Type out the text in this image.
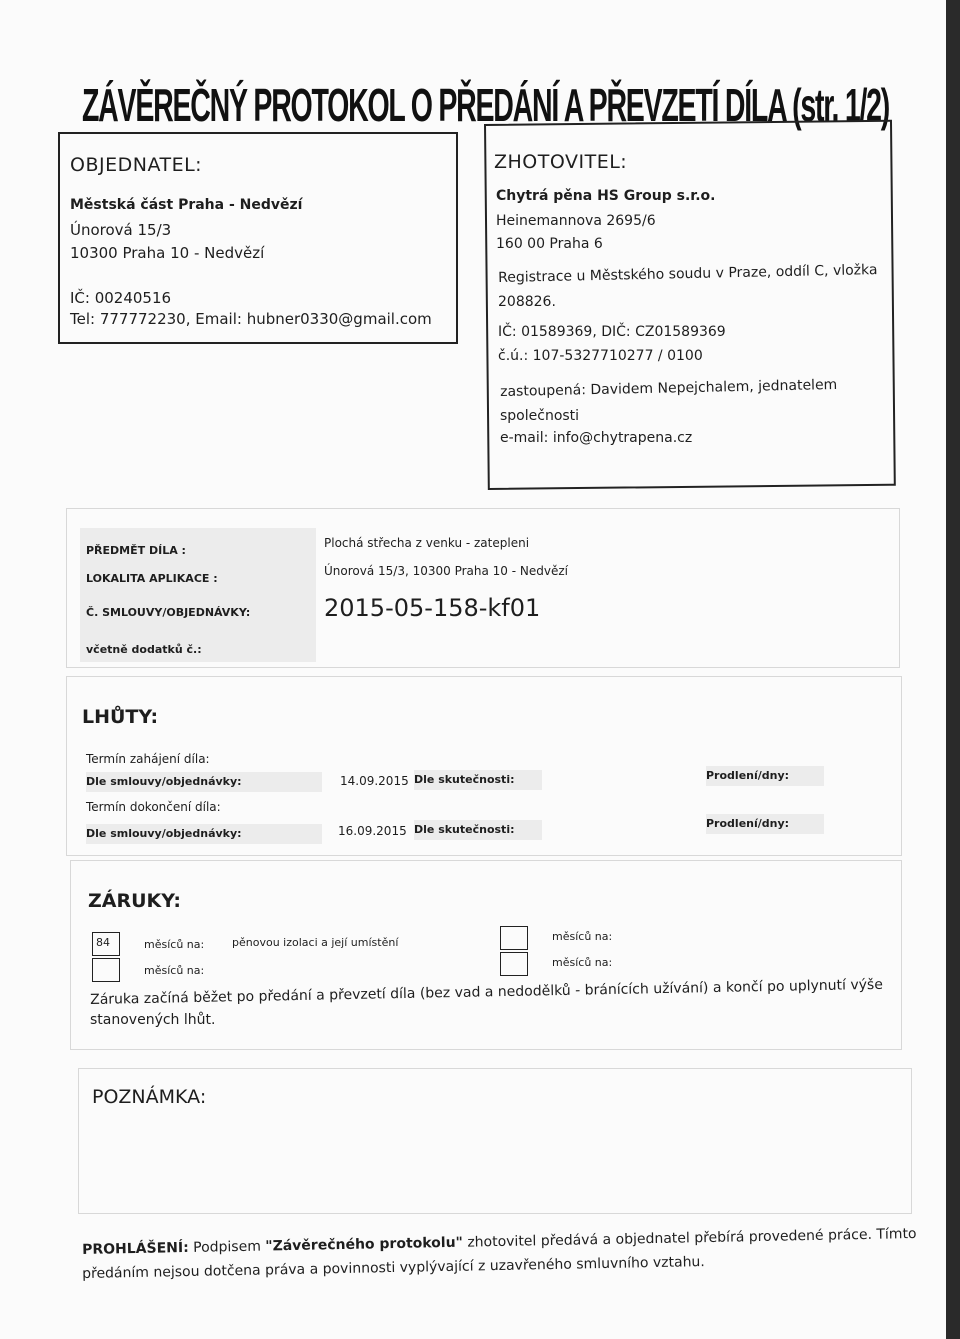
ZÁVĚREČNÝ PROTOKOL O PŘEDÁNÍ A PŘEVZETÍ DÍLA (str. 1/2)
OBJEDNATEL:
Městská část Praha - Nedvězí
Únorová 15/3
10300 Praha 10 - Nedvězí
IČ: 00240516
Tel: 777772230, Email: hubner0330@gmail.com
ZHOTOVITEL:
Chytrá pěna HS Group s.r.o.
Heinemannova 2695/6
160 00 Praha 6
Registrace u Městského soudu v Praze, oddíl C, vložka
208826.
IČ: 01589369, DIČ: CZ01589369
č.ú.: 107-5327710277 / 0100
zastoupená: Davidem Nepejchalem, jednatelem
společnosti
e-mail: info@chytrapena.cz
PŘEDMĚT DÍLA :
Plochá střecha z venku - zatepleni
LOKALITA APLIKACE :
Únorová 15/3, 10300 Praha 10 - Nedvězí
Č. SMLOUVY/OBJEDNÁVKY:	2015-05-158-kf01
včetně dodatků č.:
LHŮTY:
Termín zahájení díla:
Dle smlouvy/objednávky:	14.09.2015 Dle skutečnosti:	Prodlení/dny:
Termín dokončení díla:
Dle smlouvy/objednávky:	16.09.2015 Dle skutečnosti:	Prodlení/dny:
ZÁRUKY:
84	měsíců na:	pěnovou izolaci a její umístění	měsíců na:
měsíců na:
měsíců na:
Záruka začíná běžet po předání a převzetí díla (bez vad a nedodělků - bránících užívání) a končí po uplynutí výše
stanovených lhůt.
POZNÁMKA:
PROHLÁŠENÍ: Podpisem "Závěrečného protokolu" zhotovitel předává a objednatel přebírá provedené práce. Tímto
předáním nejsou dotčena práva a povinnosti vyplývající z uzavřeného smluvního vztahu.
